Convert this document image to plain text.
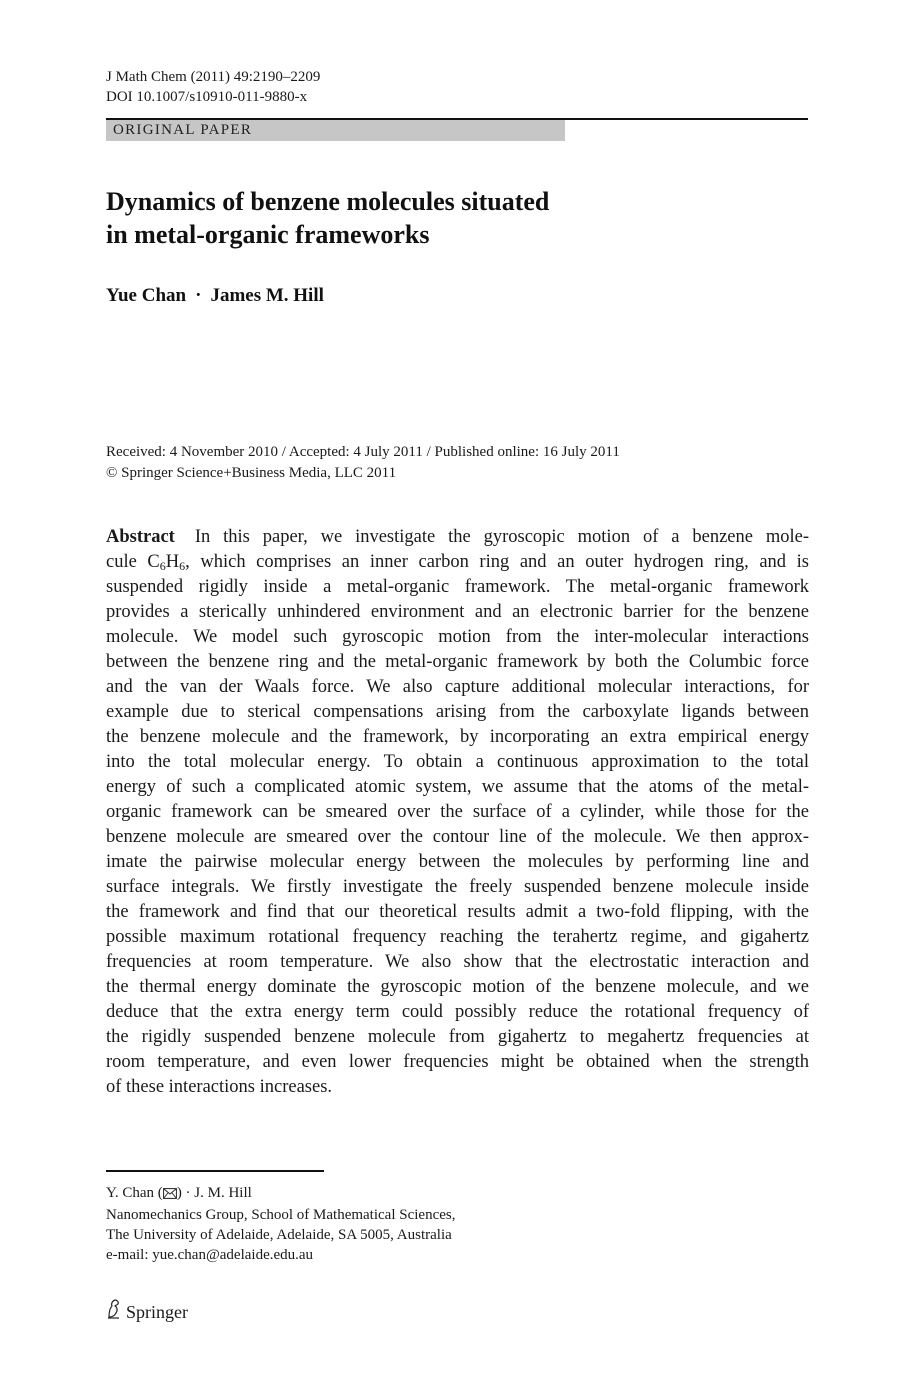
J Math Chem (2011) 49:2190–2209
DOI 10.1007/s10910-011-9880-x
ORIGINAL PAPER
Dynamics of benzene molecules situated
in metal-organic frameworks
Yue Chan · James M. Hill
Received: 4 November 2010 / Accepted: 4 July 2011 / Published online: 16 July 2011
© Springer Science+Business Media, LLC 2011
Abstract In this paper, we investigate the gyroscopic motion of a benzene mole-
cule $C_6H_6$, which comprises an inner carbon ring and an outer hydrogen ring, and is
suspended rigidly inside a metal-organic framework. The metal-organic framework
provides a sterically unhindered environment and an electronic barrier for the benzene
molecule. We model such gyroscopic motion from the inter-molecular interactions
between the benzene ring and the metal-organic framework by both the Columbic force
and the van der Waals force. We also capture additional molecular interactions, for
example due to sterical compensations arising from the carboxylate ligands between
the benzene molecule and the framework, by incorporating an extra empirical energy
into the total molecular energy. To obtain a continuous approximation to the total
energy of such a complicated atomic system, we assume that the atoms of the metal-
organic framework can be smeared over the surface of a cylinder, while those for the
benzene molecule are smeared over the contour line of the molecule. We then approx-
imate the pairwise molecular energy between the molecules by performing line and
surface integrals. We firstly investigate the freely suspended benzene molecule inside
the framework and find that our theoretical results admit a two-fold flipping, with the
possible maximum rotational frequency reaching the terahertz regime, and gigahertz
frequencies at room temperature. We also show that the electrostatic interaction and
the thermal energy dominate the gyroscopic motion of the benzene molecule, and we
deduce that the extra energy term could possibly reduce the rotational frequency of
the rigidly suspended benzene molecule from gigahertz to megahertz frequencies at
room temperature, and even lower frequencies might be obtained when the strength
of these interactions increases.
Y. Chan ( ) · J. M. Hill
Nanomechanics Group, School of Mathematical Sciences,
The University of Adelaide, Adelaide, SA 5005, Australia
e-mail: yue.chan@adelaide.edu.au
Springer
